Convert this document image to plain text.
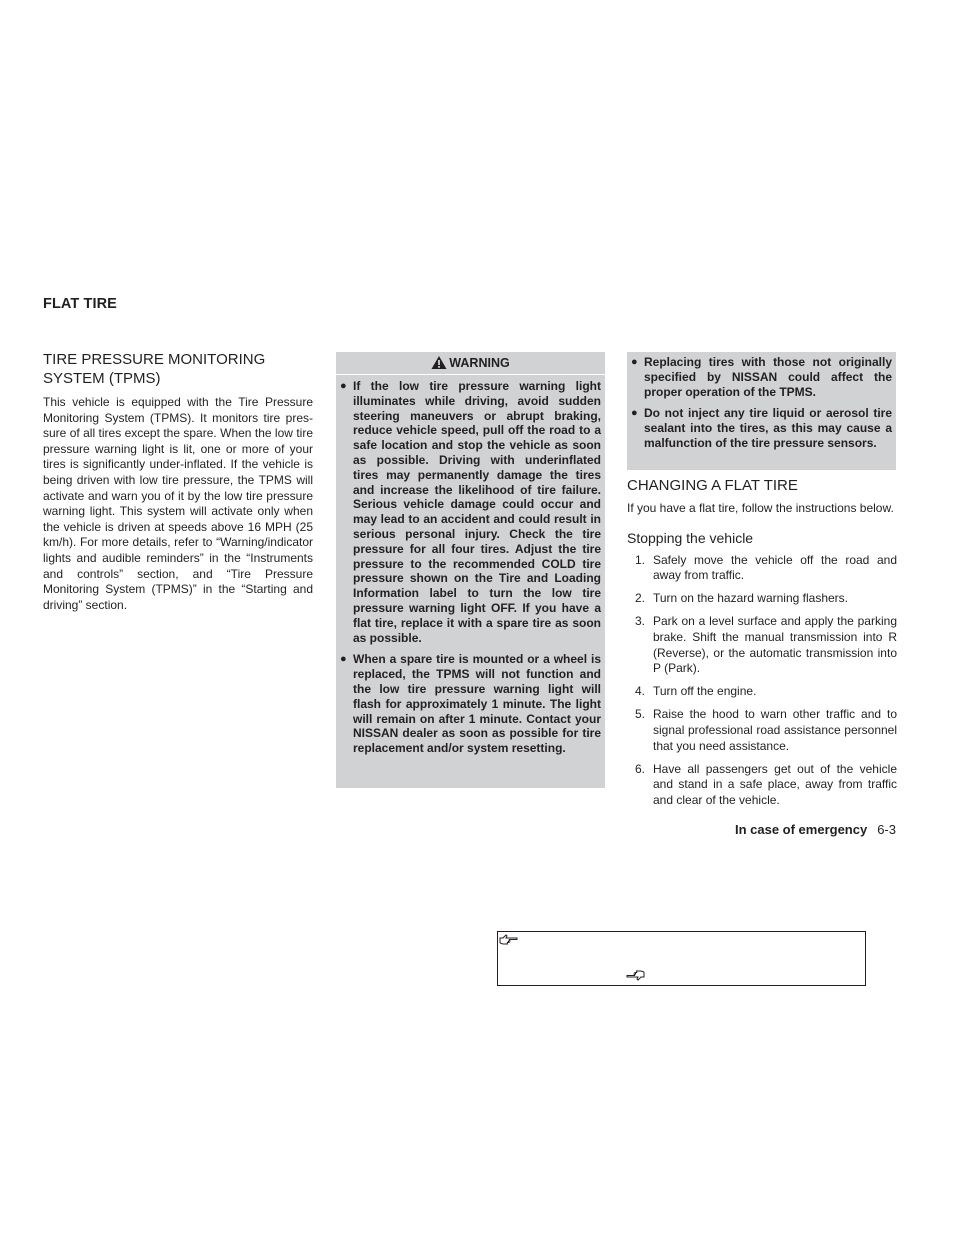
FLAT TIRE
TIRE PRESSURE MONITORING SYSTEM (TPMS)

This vehicle is equipped with the Tire Pressure Monitoring System (TPMS). It monitors tire pressure of all tires except the spare. When the low tire pressure warning light is lit, one or more of your tires is significantly under-inflated. If the vehicle is being driven with low tire pressure, the TPMS will activate and warn you of it by the low tire pressure warning light. This system will activate only when the vehicle is driven at speeds above 16 MPH (25 km/h). For more details, refer to “Warning/indicator lights and audible reminders” in the “Instruments and controls” section, and “Tire Pressure Monitoring System (TPMS)” in the “Starting and driving” section.

WARNING
● If the low tire pressure warning light illuminates while driving, avoid sudden steering maneuvers or abrupt braking, reduce vehicle speed, pull off the road to a safe location and stop the vehicle as soon as possible. Driving with underinflated tires may permanently damage the tires and increase the likelihood of tire failure. Serious vehicle damage could occur and may lead to an accident and could result in serious personal injury. Check the tire pressure for all four tires. Adjust the tire pressure to the recommended COLD tire pressure shown on the Tire and Loading Information label to turn the low tire pressure warning light OFF. If you have a flat tire, replace it with a spare tire as soon as possible.
● When a spare tire is mounted or a wheel is replaced, the TPMS will not function and the low tire pressure warning light will flash for approximately 1 minute. The light will remain on after 1 minute. Contact your NISSAN dealer as soon as possible for tire replacement and/or system resetting.
● Replacing tires with those not originally specified by NISSAN could affect the proper operation of the TPMS.
● Do not inject any tire liquid or aerosol tire sealant into the tires, as this may cause a malfunction of the tire pressure sensors.
CHANGING A FLAT TIRE

If you have a flat tire, follow the instructions below.

Stopping the vehicle
1. Safely move the vehicle off the road and away from traffic.
2. Turn on the hazard warning flashers.
3. Park on a level surface and apply the parking brake. Shift the manual transmission into R (Reverse), or the automatic transmission into P (Park).
4. Turn off the engine.
5. Raise the hood to warn other traffic and to signal professional road assistance personnel that you need assistance.
6. Have all passengers get out of the vehicle and stand in a safe place, away from traffic and clear of the vehicle.
In case of emergency 6-3
